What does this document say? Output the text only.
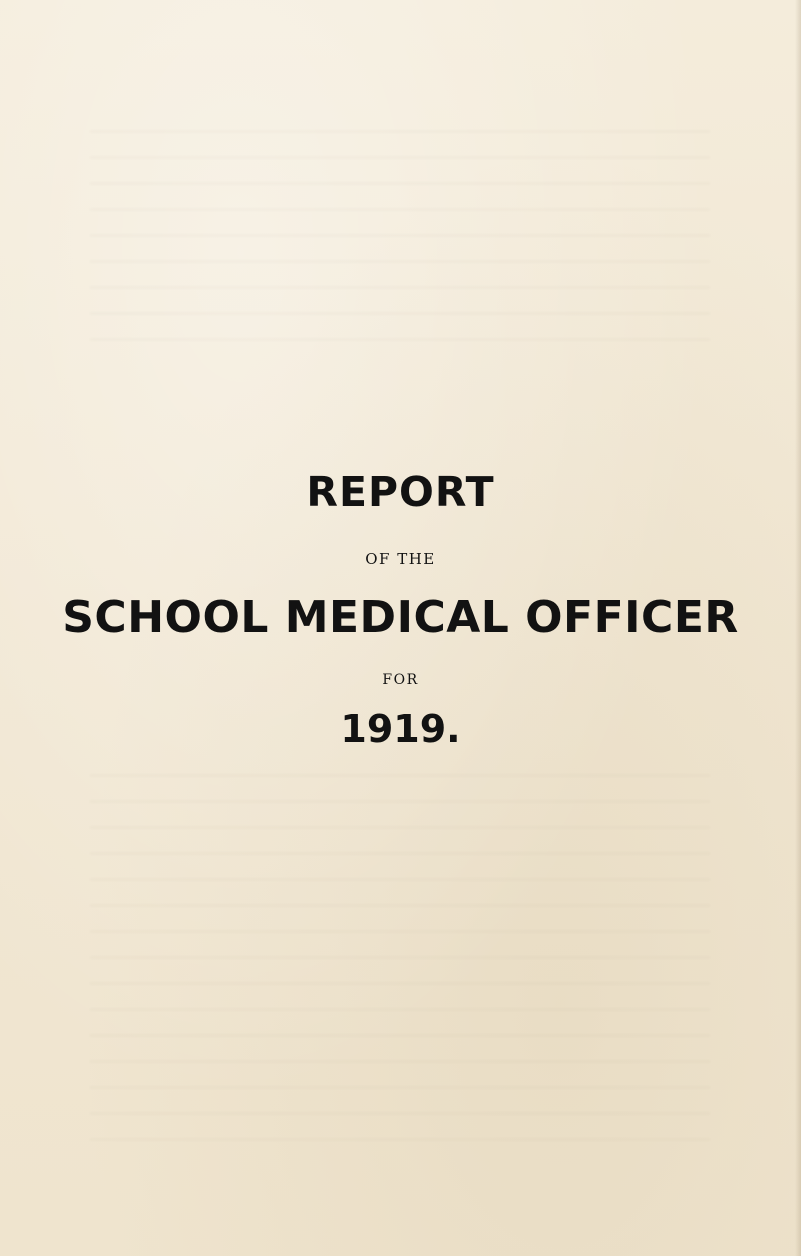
REPORT
OF THE
SCHOOL MEDICAL OFFICER
FOR
1919.
